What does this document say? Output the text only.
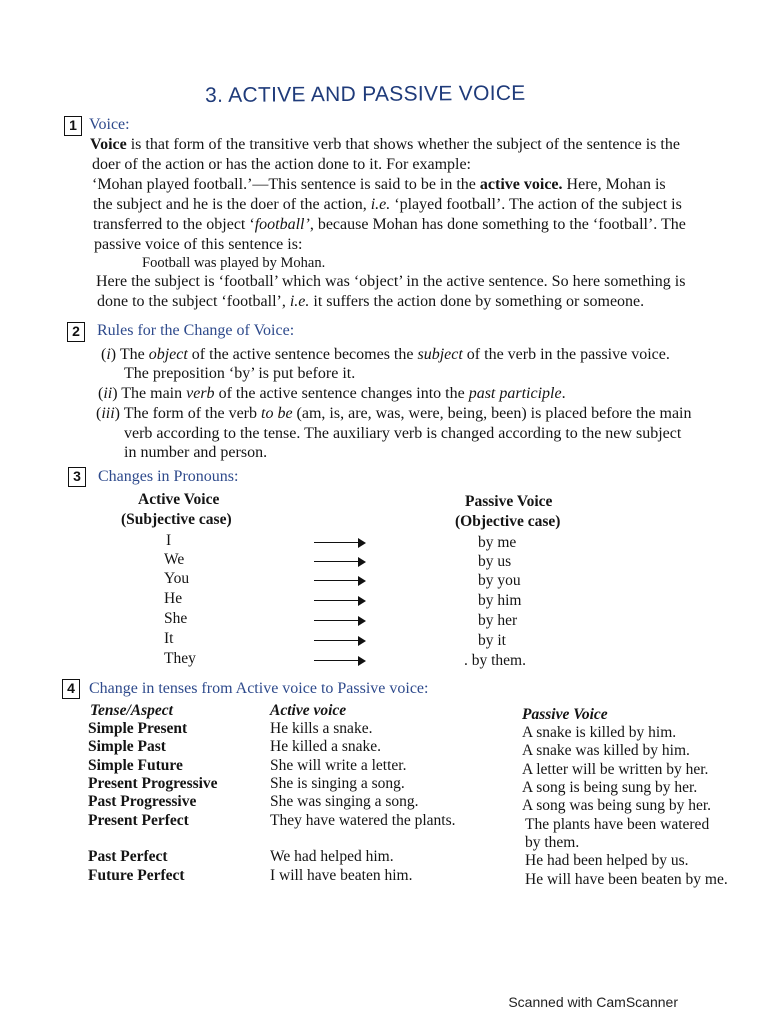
3. ACTIVE AND PASSIVE VOICE
1 Voice:
Voice is that form of the transitive verb that shows whether the subject of the sentence is the
doer of the action or has the action done to it. For example:
‘Mohan played football.’—This sentence is said to be in the active voice. Here, Mohan is
the subject and he is the doer of the action, i.e. ‘played football’. The action of the subject is
transferred to the object ‘football’, because Mohan has done something to the ‘football’. The
passive voice of this sentence is:
Football was played by Mohan.
Here the subject is ‘football’ which was ‘object’ in the active sentence. So here something is
done to the subject ‘football’, i.e. it suffers the action done by something or someone.
2	Rules for the Change of Voice:
(i) The object of the active sentence becomes the subject of the verb in the passive voice.
The preposition ‘by’ is put before it.
(ii) The main verb of the active sentence changes into the past participle.
(iii) The form of the verb to be (am, is, are, was, were, being, been) is placed before the main
verb according to the tense. The auxiliary verb is changed according to the new subject
in number and person.
3	Changes in Pronouns:
Active Voice
(Subjective case)
Passive Voice
(Objective case)
I	by me
We	by us
You	by you
He	by him
She	by her
It	by it
They	. by them.
4 Change in tenses from Active voice to Passive voice:
Tense/Aspect	Active voice	Passive Voice
Simple Present	He kills a snake.	A snake is killed by him.
Simple Past	He killed a snake.	A snake was killed by him.
Simple Future	She will write a letter.	A letter will be written by her.
Present Progressive	She is singing a song.	A song is being sung by her.
Past Progressive	She was singing a song.	A song was being sung by her.
Present Perfect	They have watered the plants.	The plants have been watered
by them.
Past Perfect	We had helped him.	He had been helped by us.
Future Perfect	I will have beaten him.	He will have been beaten by me.
Scanned with CamScanner
